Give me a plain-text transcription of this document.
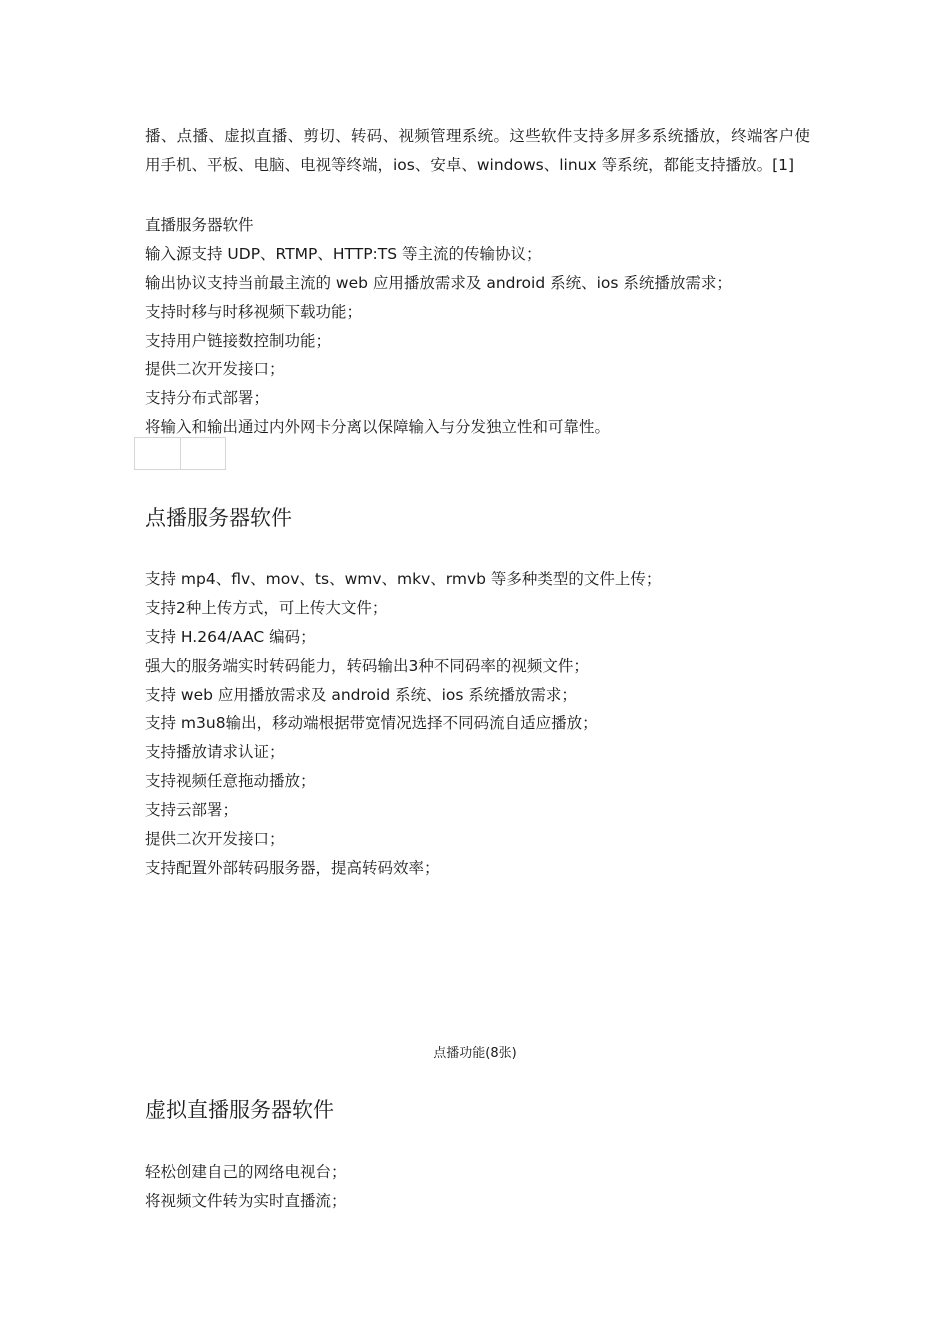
播、点播、虚拟直播、剪切、转码、视频管理系统。这些软件支持多屏多系统播放，终端客户使用手机、平板、电脑、电视等终端，ios、安卓、windows、linux 等系统，都能支持播放。[1]

直播服务器软件
输入源支持 UDP、RTMP、HTTP:TS 等主流的传输协议；
输出协议支持当前最主流的 web 应用播放需求及 android 系统、ios 系统播放需求；
支持时移与时移视频下载功能；
支持用户链接数控制功能；
提供二次开发接口；
支持分布式部署；
将输入和输出通过内外网卡分离以保障输入与分发独立性和可靠性。
点播服务器软件
支持 mp4、flv、mov、ts、wmv、mkv、rmvb 等多种类型的文件上传；
支持2种上传方式，可上传大文件；
支持 H.264/AAC 编码；
强大的服务端实时转码能力，转码输出3种不同码率的视频文件；
支持 web 应用播放需求及 android 系统、ios 系统播放需求；
支持 m3u8输出，移动端根据带宽情况选择不同码流自适应播放；
支持播放请求认证；
支持视频任意拖动播放；
支持云部署；
提供二次开发接口；
支持配置外部转码服务器，提高转码效率；
点播功能(8张)
虚拟直播服务器软件
轻松创建自己的网络电视台；
将视频文件转为实时直播流；
